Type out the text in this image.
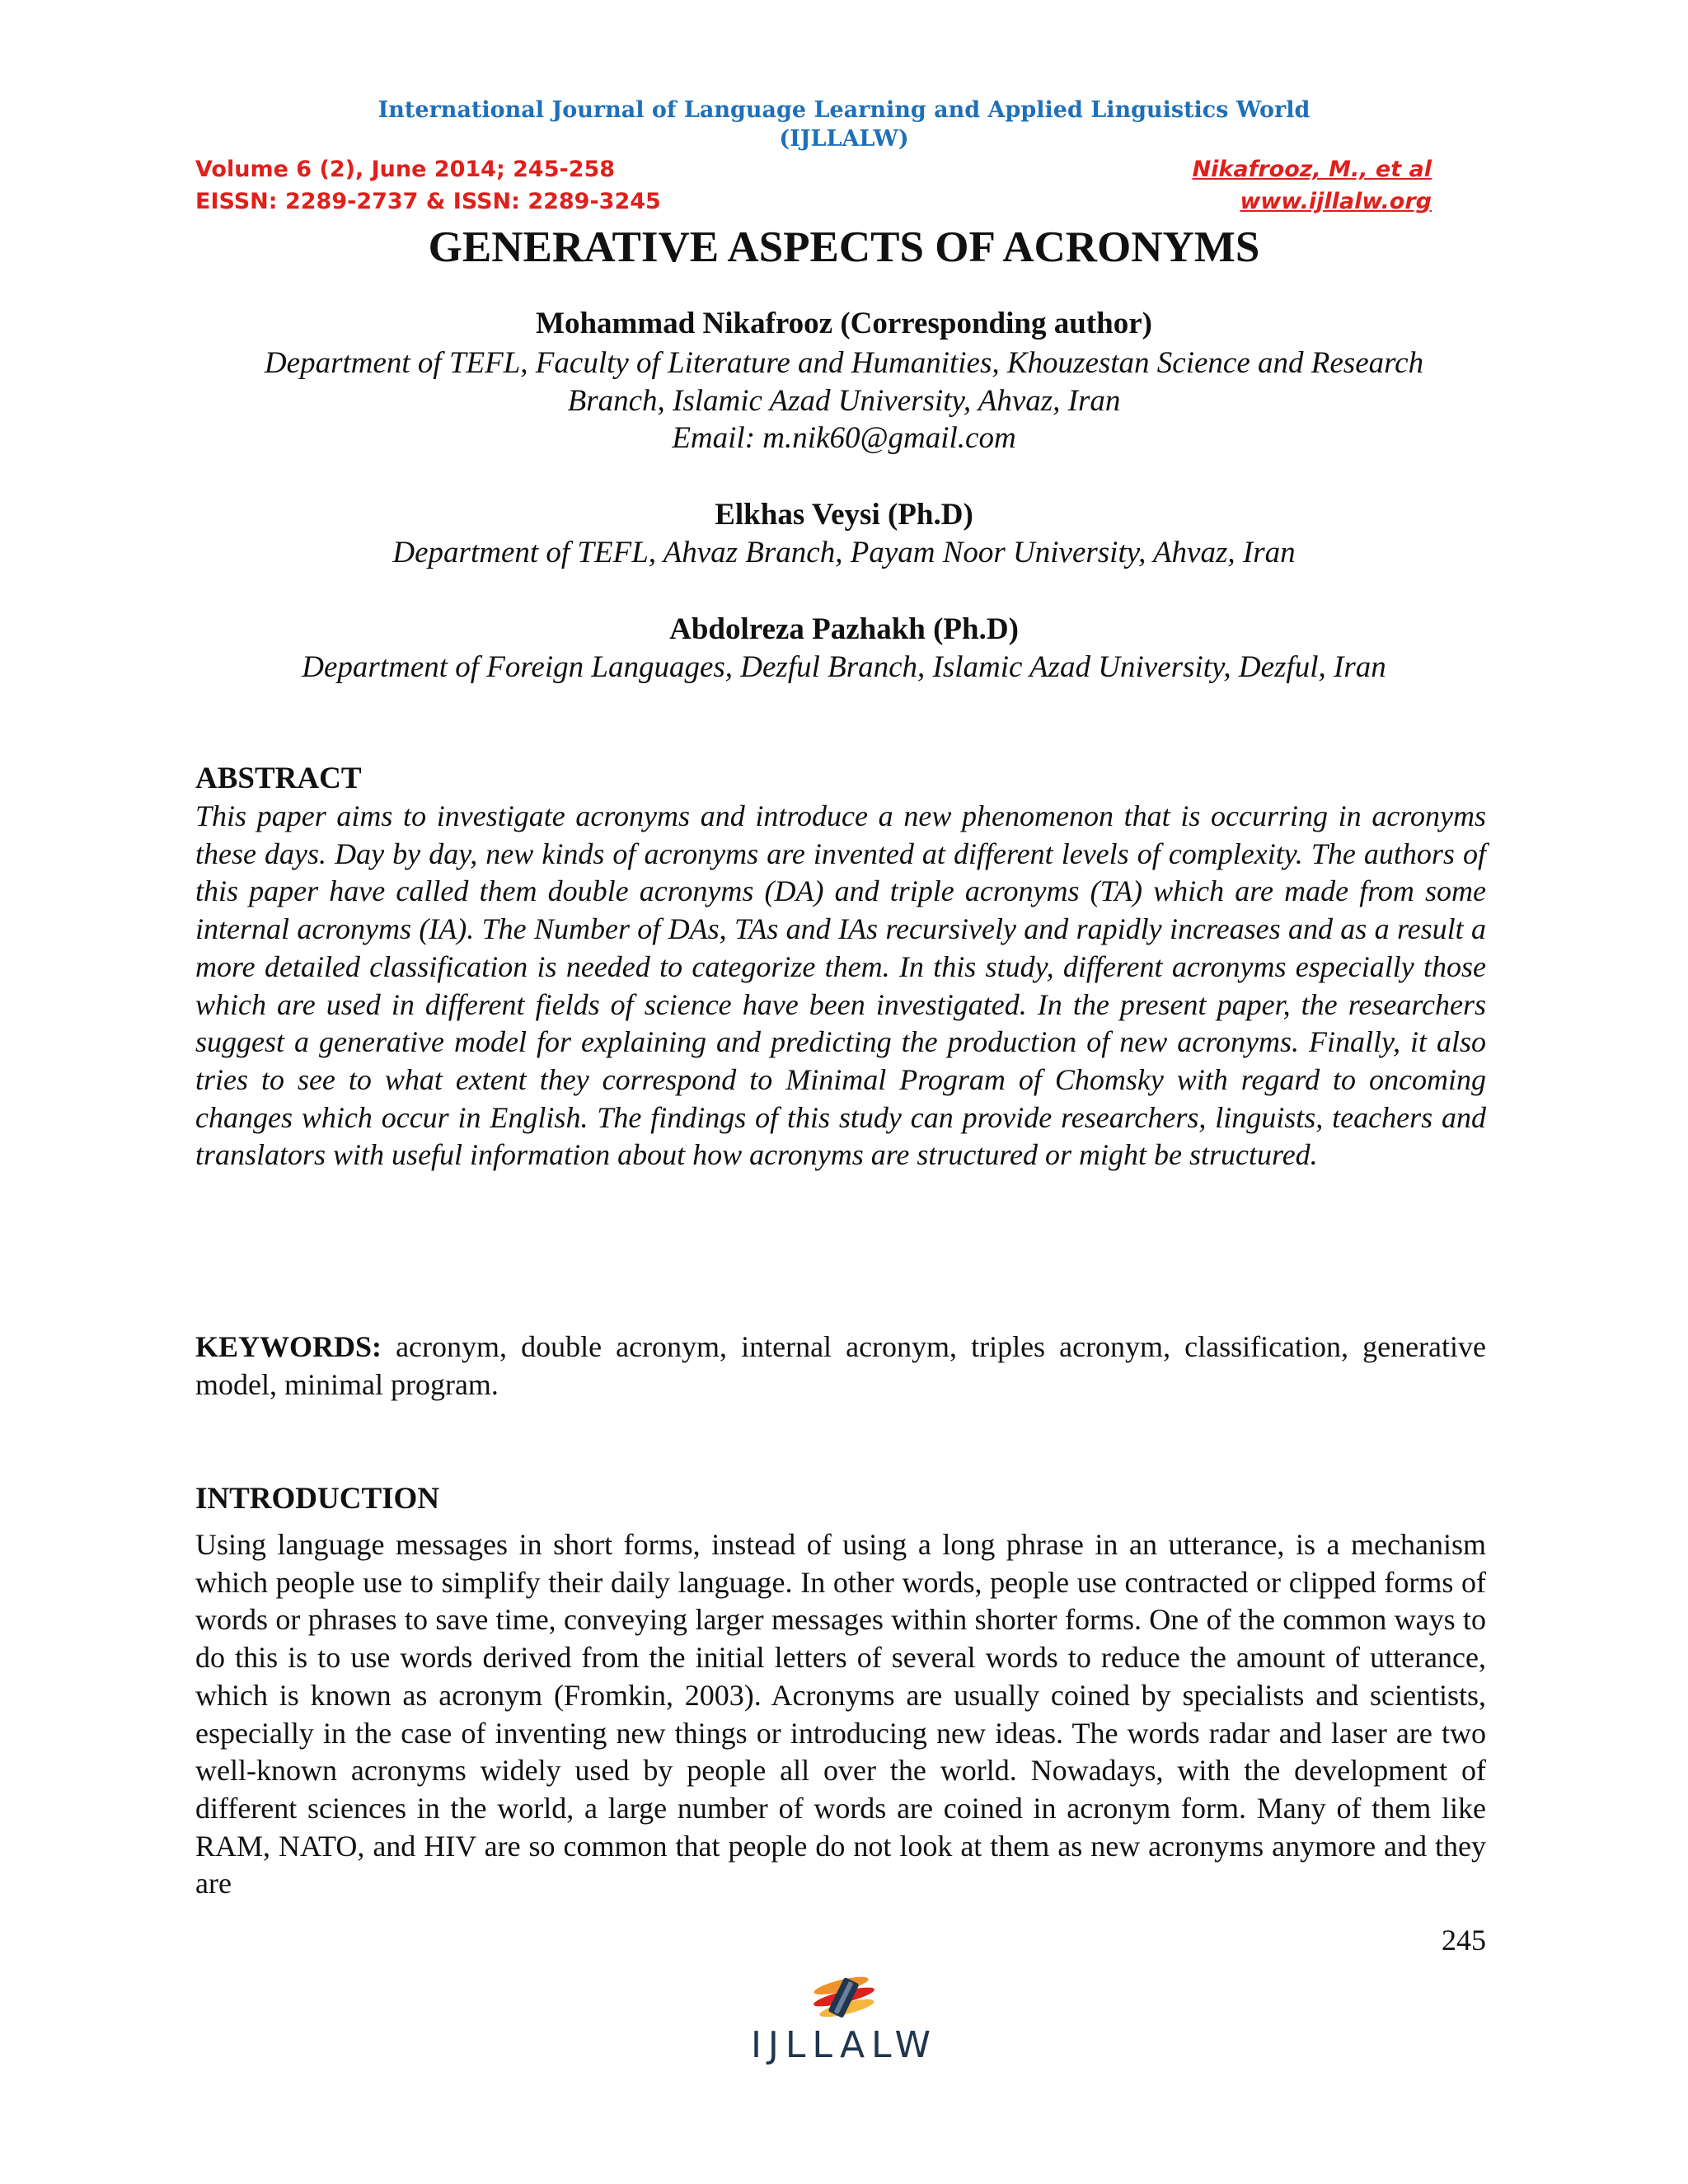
International Journal of Language Learning and Applied Linguistics World
(IJLLALW)
Volume 6 (2), June 2014; 245-258	Nikafrooz, M., et al
EISSN: 2289-2737 & ISSN: 2289-3245	www.ijllalw.org
GENERATIVE ASPECTS OF ACRONYMS
Mohammad Nikafrooz (Corresponding author)
Department of TEFL, Faculty of Literature and Humanities, Khouzestan Science and Research
Branch, Islamic Azad University, Ahvaz, Iran
Email: m.nik60@gmail.com
Elkhas Veysi (Ph.D)
Department of TEFL, Ahvaz Branch, Payam Noor University, Ahvaz, Iran
Abdolreza Pazhakh (Ph.D)
Department of Foreign Languages, Dezful Branch, Islamic Azad University, Dezful, Iran
ABSTRACT
This paper aims to investigate acronyms and introduce a new phenomenon that is occurring in acronyms these days. Day by day, new kinds of acronyms are invented at different levels of complexity. The authors of this paper have called them double acronyms (DA) and triple acronyms (TA) which are made from some internal acronyms (IA). The Number of DAs, TAs and IAs recursively and rapidly increases and as a result a more detailed classification is needed to categorize them. In this study, different acronyms especially those which are used in different fields of science have been investigated. In the present paper, the researchers suggest a generative model for explaining and predicting the production of new acronyms. Finally, it also tries to see to what extent they correspond to Minimal Program of Chomsky with regard to oncoming changes which occur in English. The findings of this study can provide researchers, linguists, teachers and translators with useful information about how acronyms are structured or might be structured.
KEYWORDS: acronym, double acronym, internal acronym, triples acronym, classification, generative model, minimal program.
INTRODUCTION
Using language messages in short forms, instead of using a long phrase in an utterance, is a mechanism which people use to simplify their daily language. In other words, people use contracted or clipped forms of words or phrases to save time, conveying larger messages within shorter forms. One of the common ways to do this is to use words derived from the initial letters of several words to reduce the amount of utterance, which is known as acronym (Fromkin, 2003). Acronyms are usually coined by specialists and scientists, especially in the case of inventing new things or introducing new ideas. The words radar and laser are two well-known acronyms widely used by people all over the world. Nowadays, with the development of different sciences in the world, a large number of words are coined in acronym form. Many of them like RAM, NATO, and HIV are so common that people do not look at them as new acronyms anymore and they are
245
IJLLALW
